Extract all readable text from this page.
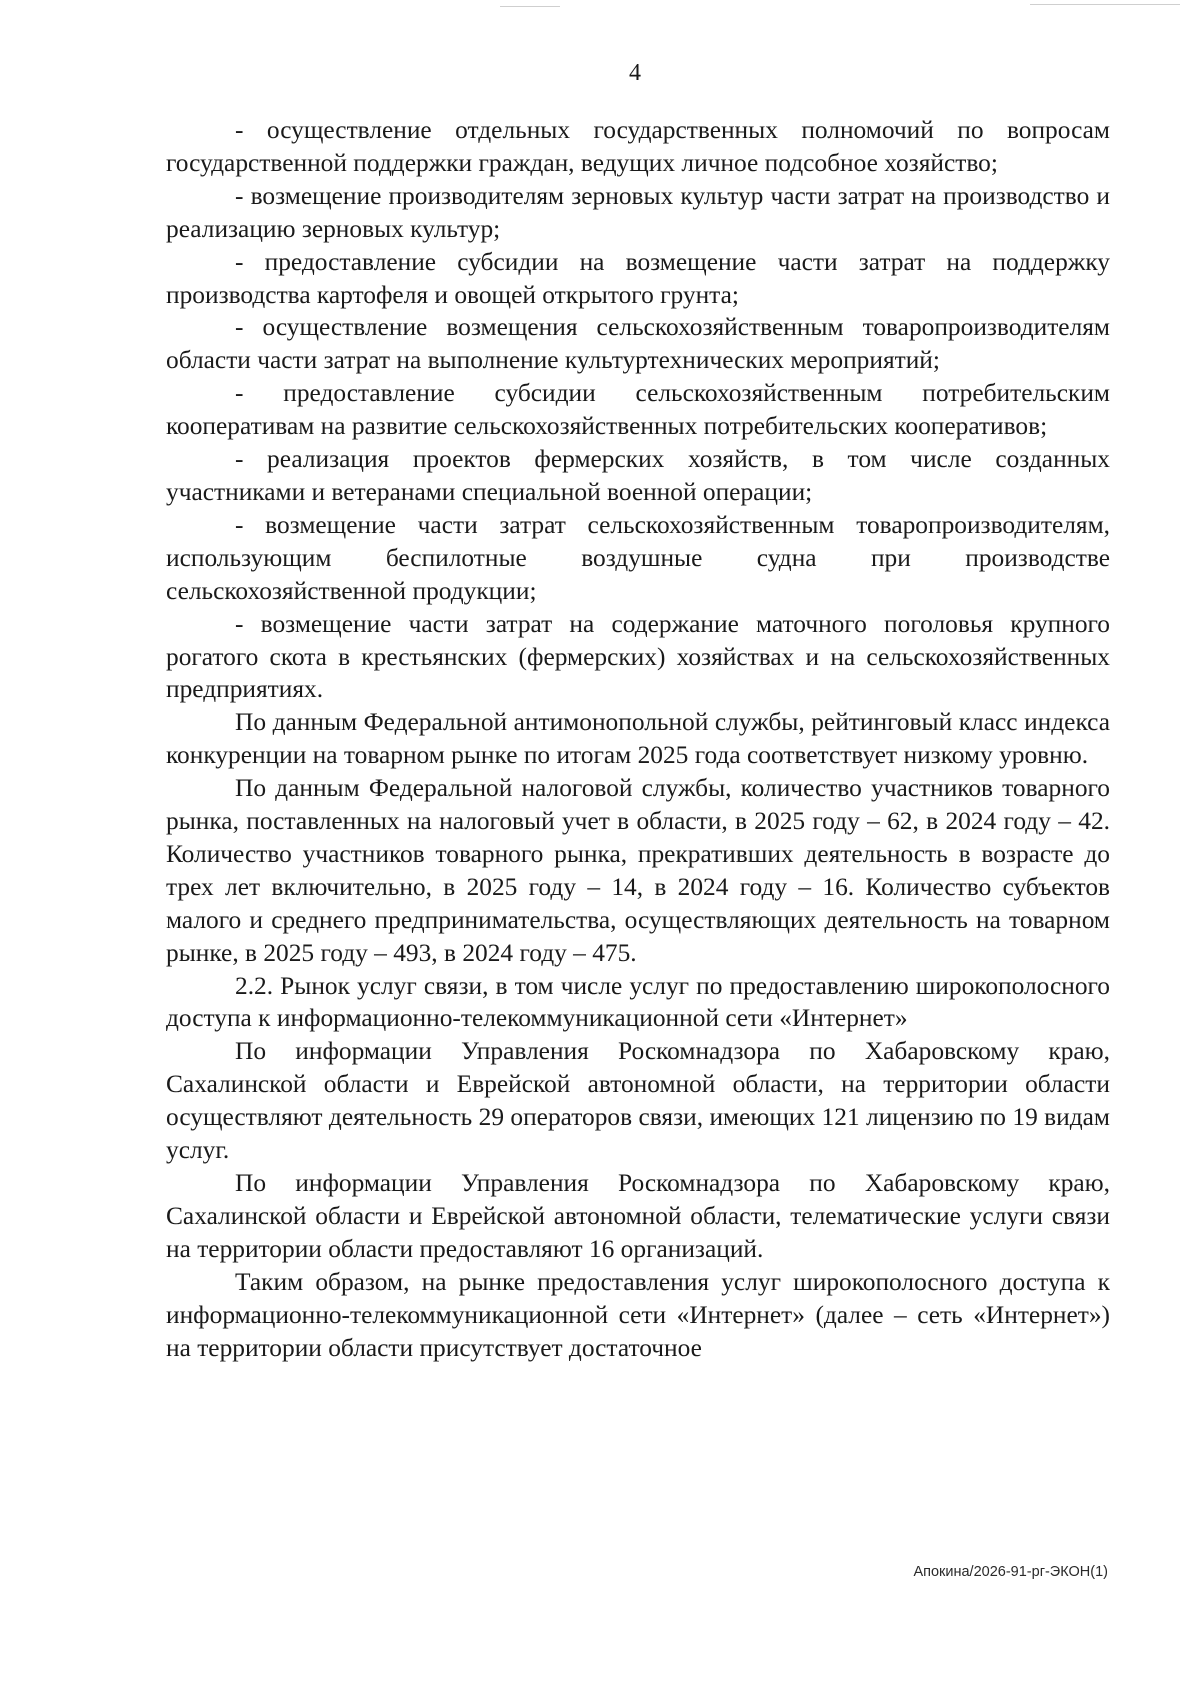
4

- осуществление отдельных государственных полномочий по вопросам государственной поддержки граждан, ведущих личное подсобное хозяйство;

- возмещение производителям зерновых культур части затрат на производство и реализацию зерновых культур;

- предоставление субсидии на возмещение части затрат на поддержку производства картофеля и овощей открытого грунта;

- осуществление возмещения сельскохозяйственным товаропроизводителям области части затрат на выполнение культуртехнических мероприятий;

- предоставление субсидии сельскохозяйственным потребительским кооперативам на развитие сельскохозяйственных потребительских кооперативов;

- реализация проектов фермерских хозяйств, в том числе созданных участниками и ветеранами специальной военной операции;

- возмещение части затрат сельскохозяйственным товаропроизводителям, использующим беспилотные воздушные судна при производстве сельскохозяйственной продукции;

- возмещение части затрат на содержание маточного поголовья крупного рогатого скота в крестьянских (фермерских) хозяйствах и на сельскохозяйственных предприятиях.

По данным Федеральной антимонопольной службы, рейтинговый класс индекса конкуренции на товарном рынке по итогам 2025 года соответствует низкому уровню.

По данным Федеральной налоговой службы, количество участников товарного рынка, поставленных на налоговый учет в области, в 2025 году – 62, в 2024 году – 42. Количество участников товарного рынка, прекративших деятельность в возрасте до трех лет включительно, в 2025 году – 14, в 2024 году – 16. Количество субъектов малого и среднего предпринимательства, осуществляющих деятельность на товарном рынке, в 2025 году – 493, в 2024 году – 475.

2.2. Рынок услуг связи, в том числе услуг по предоставлению широкополосного доступа к информационно-телекоммуникационной сети «Интернет»

По информации Управления Роскомнадзора по Хабаровскому краю, Сахалинской области и Еврейской автономной области, на территории области осуществляют деятельность 29 операторов связи, имеющих 121 лицензию по 19 видам услуг.

По информации Управления Роскомнадзора по Хабаровскому краю, Сахалинской области и Еврейской автономной области, телематические услуги связи на территории области предоставляют 16 организаций.

Таким образом, на рынке предоставления услуг широкополосного доступа к информационно-телекоммуникационной сети «Интернет» (далее – сеть «Интернет») на территории области присутствует достаточное

Апокина/2026-91-рг-ЭКОН(1)
